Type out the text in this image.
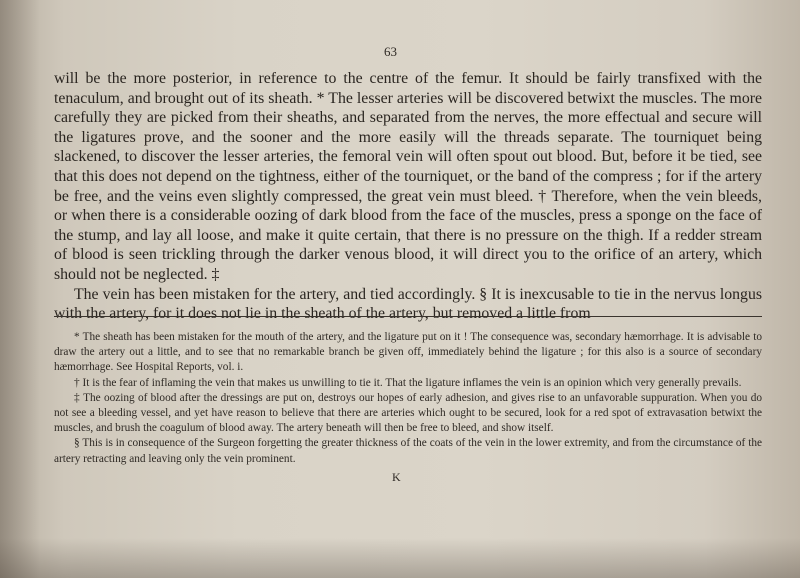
63

will be the more posterior, in reference to the centre of the femur. It should be fairly transfixed with the tenaculum, and brought out of its sheath. * The lesser arteries will be discovered betwixt the muscles. The more carefully they are picked from their sheaths, and separated from the nerves, the more effectual and secure will the ligatures prove, and the sooner and the more easily will the threads separate. The tourniquet being slackened, to discover the lesser arteries, the femoral vein will often spout out blood. But, before it be tied, see that this does not depend on the tightness, either of the tourniquet, or the band of the compress ; for if the artery be free, and the veins even slightly compressed, the great vein must bleed. † Therefore, when the vein bleeds, or when there is a considerable oozing of dark blood from the face of the muscles, press a sponge on the face of the stump, and lay all loose, and make it quite certain, that there is no pressure on the thigh. If a redder stream of blood is seen trickling through the darker venous blood, it will direct you to the orifice of an artery, which should not be neglected. ‡

The vein has been mistaken for the artery, and tied accordingly. § It is inexcusable to tie in the nervus longus with the artery, for it does not lie in the sheath of the artery, but removed a little from

* The sheath has been mistaken for the mouth of the artery, and the ligature put on it ! The consequence was, secondary hæmorrhage. It is advisable to draw the artery out a little, and to see that no remarkable branch be given off, immediately behind the ligature ; for this also is a source of secondary hæmorrhage. See Hospital Reports, vol. i.

† It is the fear of inflaming the vein that makes us unwilling to tie it. That the ligature inflames the vein is an opinion which very generally prevails.

‡ The oozing of blood after the dressings are put on, destroys our hopes of early adhesion, and gives rise to an unfavorable suppuration. When you do not see a bleeding vessel, and yet have reason to believe that there are arteries which ought to be secured, look for a red spot of extravasation betwixt the muscles, and brush the coagulum of blood away. The artery beneath will then be free to bleed, and show itself.

§ This is in consequence of the Surgeon forgetting the greater thickness of the coats of the vein in the lower extremity, and from the circumstance of the artery retracting and leaving only the vein prominent.

K
